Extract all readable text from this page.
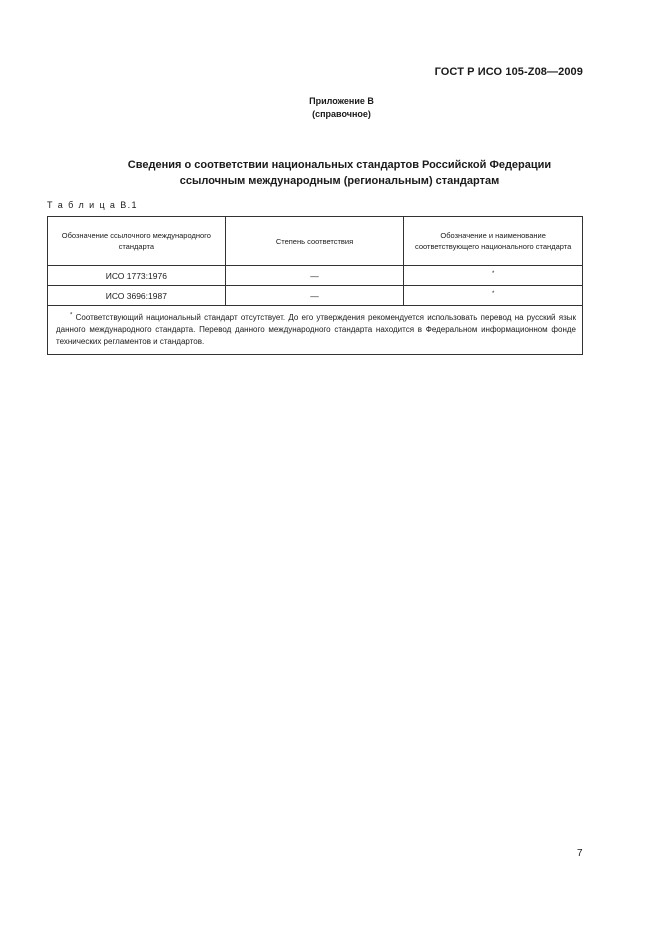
ГОСТ Р ИСО 105-Z08—2009
Приложение В
(справочное)
Сведения о соответствии национальных стандартов Российской Федерации
ссылочным международным (региональным) стандартам
Т а б л и ц а В.1
Обозначение ссылочного международного стандарта	Степень соответствия	Обозначение и наименование соответствующего национального стандарта
ИСО 1773:1976	—	*
ИСО 3696:1987	—	*

* Соответствующий национальный стандарт отсутствует. До его утверждения рекомендуется использовать перевод на русский язык данного международного стандарта. Перевод данного международного стандарта находится в Федеральном информационном фонде технических регламентов и стандартов.		
7
